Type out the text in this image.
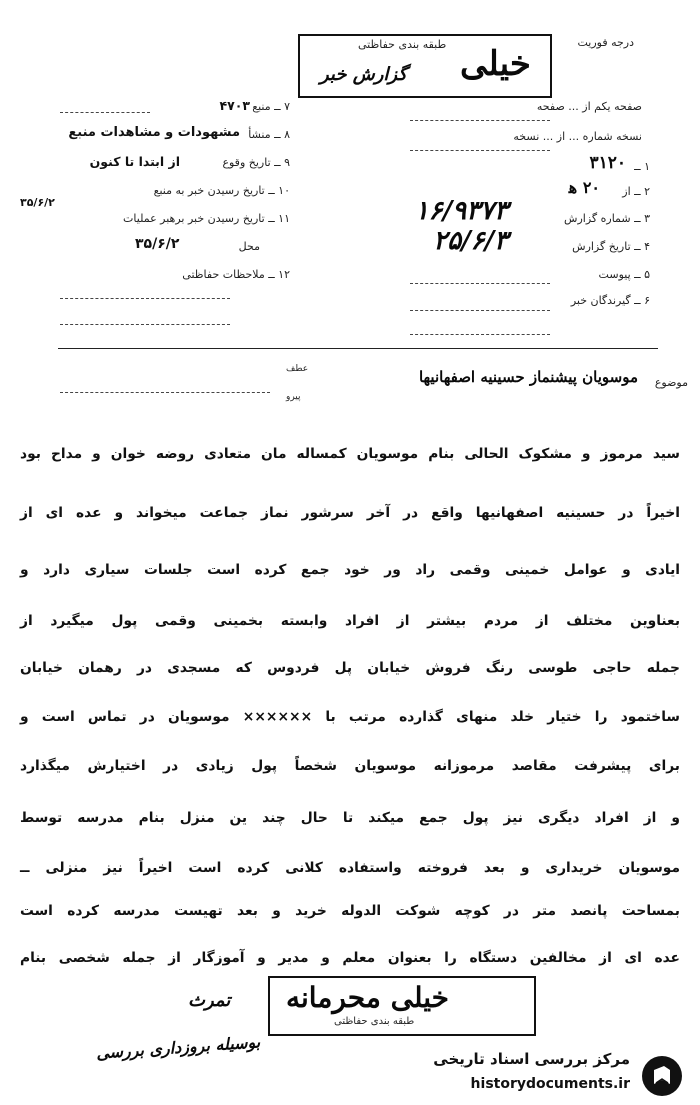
درجه فوریت
طبقه بندی حفاظتی خیلی
گزارش خبر
صفحه یکم از ... صفحه
نسخه شماره ... از ... نسخه
۱ ــ
۳۱۲۰
۲ ــ از
۲۰ ه‍
۳ ــ شماره گزارش
۴ ــ تاریخ گزارش
۵ ــ پیوست
۶ ــ گیرندگان خبر
۱۶/۹۳۷۳ ۲۵/۶/۳
۷ ــ منبع
۴۷۰۳
۸ ــ منشأ
مشهودات و مشاهدات منبع
۹ ــ تاریخ وقوع
از ابتدا تا کنون
۱۰ ــ تاریخ رسیدن خبر به منبع
۳۵/۶/۲
۱۱ ــ تاریخ رسیدن خبر برهبر عملیات
محل
۳۵/۶/۲
۱۲ ــ ملاحظات حفاظتی
موضوع
موسویان پیشنماز حسینیه اصفهانیها
عطف
پیرو
سید مرموز و مشکوک الحالی بنام موسویان کمساله مان متعادی روضه خوان و مداح بود
اخیراً در حسینیه اصفهانیها واقع در آخر سرشور نماز جماعت میخواند و عده ای از
ایادی و عوامل خمینی وقمی راد ور خود جمع کرده است جلسات سیاری دارد و
بعناوین مختلف از مردم بیشتر از افراد وابسته بخمینی وقمی پول میگیرد از
جمله حاجی طوسی رنگ فروش خیابان پل فردوس که مسجدی در رهمان خیابان
ساختمود را ختیار خلد منهای گذارده مرتب با ×××××× موسویان در تماس است و
برای پیشرفت مقاصد مرموزانه موسویان شخصاً پول زیادی در اختیارش میگذارد
و از افراد دیگری نیز پول جمع میکند تا حال چند ین منزل بنام مدرسه توسط
موسویان خریداری و بعد فروخته واستفاده کلانی کرده است اخیراً نیز منزلی ــ
بمساحت پانصد متر در کوچه شوکت الدوله خرید و بعد تهیست مدرسه کرده است
عده ای از مخالفین دستگاه را بعنوان معلم و مدیر و آموزگار از جمله شخصی بنام
خیلی محرمانه
طبقه بندی حفاظتی
تمرث
بوسیله بروزداری بررسی	مرکز بررسی اسناد تاریخی
historydocuments.ir
